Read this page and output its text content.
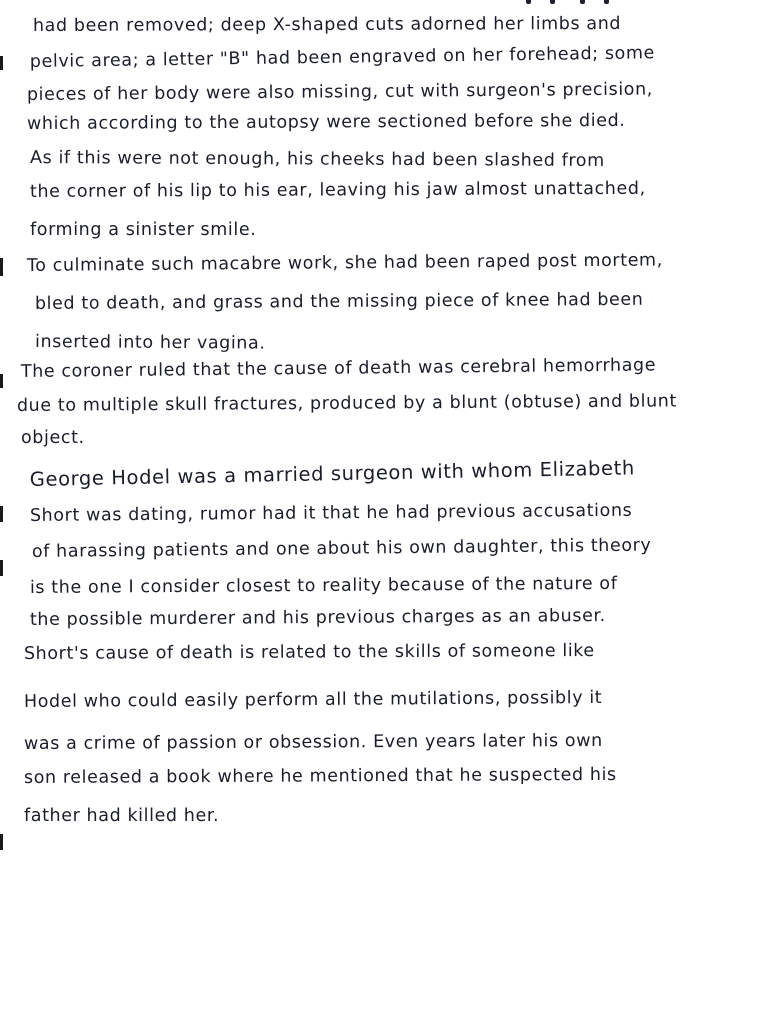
had been removed; deep X-shaped cuts adorned her limbs and

pelvic area; a letter "B" had been engraved on her forehead; some

pieces of her body were also missing, cut with surgeon's precision,

which according to the autopsy were sectioned before she died.

As if this were not enough, his cheeks had been slashed from

the corner of his lip to his ear, leaving his jaw almost unattached,

forming a sinister smile.

To culminate such macabre work, she had been raped post mortem,

bled to death, and grass and the missing piece of knee had been

inserted into her vagina.

The coroner ruled that the cause of death was cerebral hemorrhage

due to multiple skull fractures, produced by a blunt (obtuse) and blunt

object.

George Hodel was a married surgeon with whom Elizabeth

Short was dating, rumor had it that he had previous accusations

of harassing patients and one about his own daughter, this theory

is the one I consider closest to reality because of the nature of

the possible murderer and his previous charges as an abuser.

Short's cause of death is related to the skills of someone like

Hodel who could easily perform all the mutilations, possibly it

was a crime of passion or obsession. Even years later his own

son released a book where he mentioned that he suspected his

father had killed her.
